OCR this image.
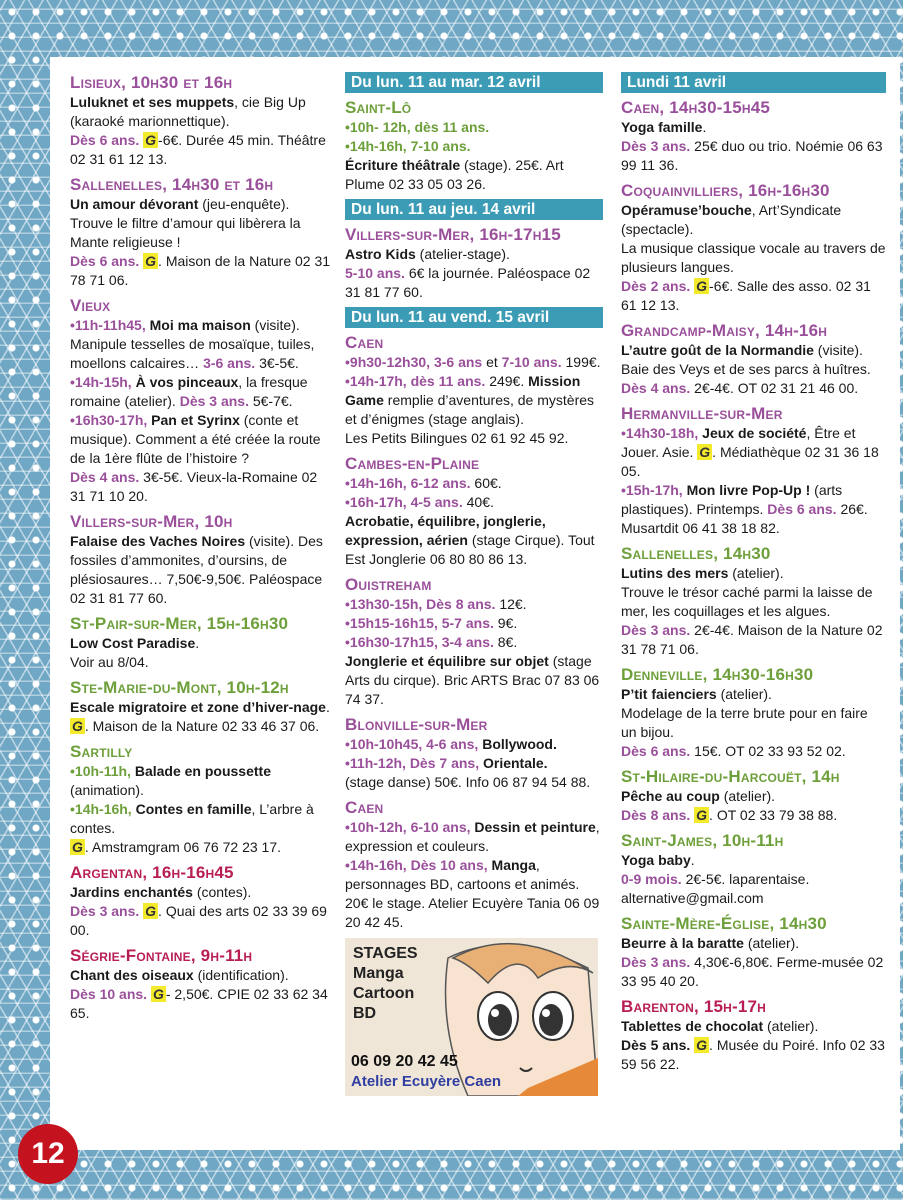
Lisieux, 10h30 et 16h
Luluknet et ses muppets, cie Big Up (karaoké marionnettique).
Dès 6 ans. G -6€. Durée 45 min. Théâtre 02 31 61 12 13.
Sallenelles, 14h30 et 16h
Un amour dévorant (jeu-enquête). Trouve le filtre d’amour qui libèrera la Mante religieuse !
Dès 6 ans. G . Maison de la Nature 02 31 78 71 06.
Vieux
•11h-11h45, Moi ma maison (visite). Manipule tesselles de mosaïque, tuiles, moellons calcaires… 3-6 ans. 3€-5€.
•14h-15h, À vos pinceaux, la fresque romaine (atelier). Dès 3 ans. 5€-7€.
•16h30-17h, Pan et Syrinx (conte et musique). Comment a été créée la route de la 1ère flûte de l’histoire ?
Dès 4 ans. 3€-5€. Vieux-la-Romaine 02 31 71 10 20.
Villers-sur-Mer, 10h
Falaise des Vaches Noires (visite). Des fossiles d’ammonites, d’oursins, de plésiosaures… 7,50€-9,50€. Paléospace 02 31 81 77 60.
St-Pair-sur-Mer, 15h-16h30
Low Cost Paradise.
Voir au 8/04.
Ste-Marie-du-Mont, 10h-12h
Escale migratoire et zone d’hiver-nage.
G . Maison de la Nature 02 33 46 37 06.
Sartilly
•10h-11h, Balade en poussette (animation).
•14h-16h, Contes en famille, L’arbre à contes.
G . Amstramgram 06 76 72 23 17.
Argentan, 16h-16h45
Jardins enchantés (contes).
Dès 3 ans. G . Quai des arts 02 33 39 69 00.
Ségrie-Fontaine, 9h-11h
Chant des oiseaux (identification).
Dès 10 ans. G - 2,50€. CPIE 02 33 62 34 65.
Du lun. 11 au mar. 12 avril
Saint-Lô
•10h- 12h, dès 11 ans.
•14h-16h, 7-10 ans.
Écriture théâtrale (stage). 25€. Art Plume 02 33 05 03 26.
Du lun. 11 au jeu. 14 avril
Villers-sur-Mer, 16h-17h15
Astro Kids (atelier-stage).
5-10 ans. 6€ la journée. Paléospace 02 31 81 77 60.
Du lun. 11 au vend. 15 avril
Caen
•9h30-12h30, 3-6 ans et 7-10 ans. 199€. •14h-17h, dès 11 ans. 249€. Mission Game remplie d’aventures, de mystères et d’énigmes (stage anglais).
Les Petits Bilingues 02 61 92 45 92.
Cambes-en-Plaine
•14h-16h, 6-12 ans. 60€.
•16h-17h, 4-5 ans. 40€.
Acrobatie, équilibre, jonglerie, expression, aérien (stage Cirque). Tout Est Jonglerie 06 80 80 86 13.
Ouistreham
•13h30-15h, Dès 8 ans. 12€.
•15h15-16h15, 5-7 ans. 9€.
•16h30-17h15, 3-4 ans. 8€.
Jonglerie et équilibre sur objet (stage Arts du cirque). Bric ARTS Brac 07 83 06 74 37.
Blonville-sur-Mer
•10h-10h45, 4-6 ans, Bollywood.
•11h-12h, Dès 7 ans, Orientale.
(stage danse) 50€. Info 06 87 94 54 88.
Caen
•10h-12h, 6-10 ans, Dessin et peinture, expression et couleurs.
•14h-16h, Dès 10 ans, Manga, personnages BD, cartoons et animés. 20€ le stage. Atelier Ecuyère Tania 06 09 20 42 45.
STAGES
Manga
Cartoon
BD
06 09 20 42 45
Atelier Ecuyère Caen
Lundi 11 avril
Caen, 14h30-15h45
Yoga famille.
Dès 3 ans. 25€ duo ou trio. Noémie 06 63 99 11 36.
Coquainvilliers, 16h-16h30
Opéramuse’bouche, Art’Syndicate (spectacle).
La musique classique vocale au travers de plusieurs langues.
Dès 2 ans. G -6€. Salle des asso. 02 31 61 12 13.
Grandcamp-Maisy, 14h-16h
L’autre goût de la Normandie (visite).
Baie des Veys et de ses parcs à huîtres.
Dès 4 ans. 2€-4€. OT 02 31 21 46 00.
Hermanville-sur-Mer
•14h30-18h, Jeux de société, Être et Jouer. Asie. G . Médiathèque 02 31 36 18 05.
•15h-17h, Mon livre Pop-Up ! (arts plastiques). Printemps. Dès 6 ans. 26€. Musartdit 06 41 38 18 82.
Sallenelles, 14h30
Lutins des mers (atelier).
Trouve le trésor caché parmi la laisse de mer, les coquillages et les algues.
Dès 3 ans. 2€-4€. Maison de la Nature 02 31 78 71 06.
Denneville, 14h30-16h30
P’tit faienciers (atelier).
Modelage de la terre brute pour en faire un bijou.
Dès 6 ans. 15€. OT 02 33 93 52 02.
St-Hilaire-du-Harcouët, 14h
Pêche au coup (atelier).
Dès 8 ans. G . OT 02 33 79 38 88.
Saint-James, 10h-11h
Yoga baby.
0-9 mois. 2€-5€. laparentaise. alternative@gmail.com
Sainte-Mère-Église, 14h30
Beurre à la baratte (atelier).
Dès 3 ans. 4,30€-6,80€. Ferme-musée 02 33 95 40 20.
Barenton, 15h-17h
Tablettes de chocolat (atelier).
Dès 5 ans. G . Musée du Poiré. Info 02 33 59 56 22.
12
